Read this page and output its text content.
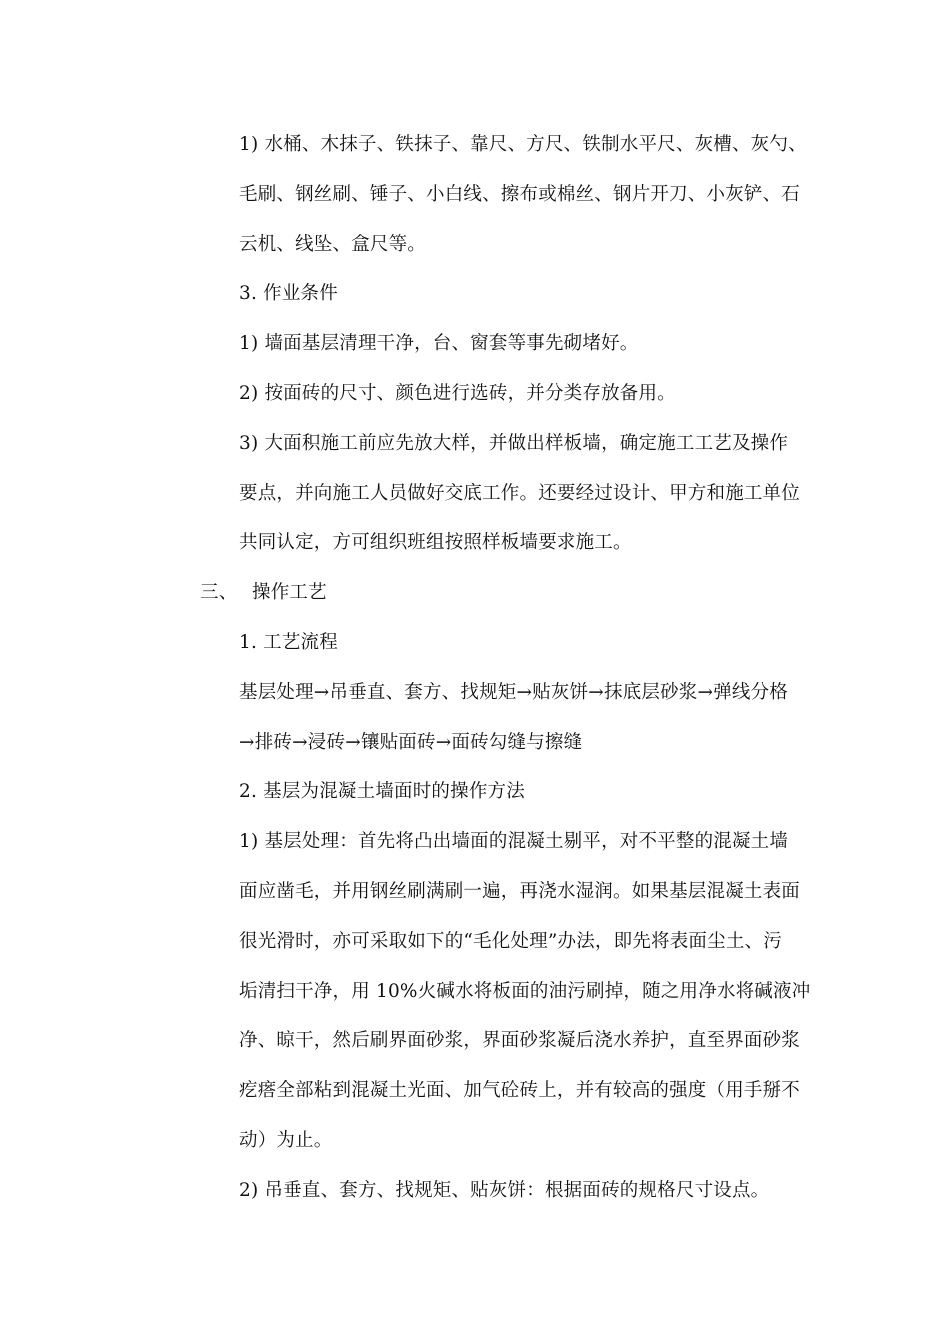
1) 水桶、木抹子、铁抹子、靠尺、方尺、铁制水平尺、灰槽、灰勺、
毛刷、钢丝刷、锤子、小白线、擦布或棉丝、钢片开刀、小灰铲、石
云机、线坠、盒尺等。
3. 作业条件
1) 墙面基层清理干净，台、窗套等事先砌堵好。
2) 按面砖的尺寸、颜色进行选砖，并分类存放备用。
3) 大面积施工前应先放大样，并做出样板墙，确定施工工艺及操作
要点，并向施工人员做好交底工作。还要经过设计、甲方和施工单位
共同认定，方可组织班组按照样板墙要求施工。
三、 操作工艺
1. 工艺流程
基层处理→吊垂直、套方、找规矩→贴灰饼→抹底层砂浆→弹线分格
→排砖→浸砖→镶贴面砖→面砖勾缝与擦缝
2. 基层为混凝土墙面时的操作方法
1) 基层处理：首先将凸出墙面的混凝土剔平，对不平整的混凝土墙
面应凿毛，并用钢丝刷满刷一遍，再浇水湿润。如果基层混凝土表面
很光滑时，亦可采取如下的“毛化处理”办法，即先将表面尘土、污
垢清扫干净，用 10%火碱水将板面的油污刷掉，随之用净水将碱液冲
净、晾干，然后刷界面砂浆，界面砂浆凝后浇水养护，直至界面砂浆
疙瘩全部粘到混凝土光面、加气砼砖上，并有较高的强度（用手掰不
动）为止。
2) 吊垂直、套方、找规矩、贴灰饼：根据面砖的规格尺寸设点。
